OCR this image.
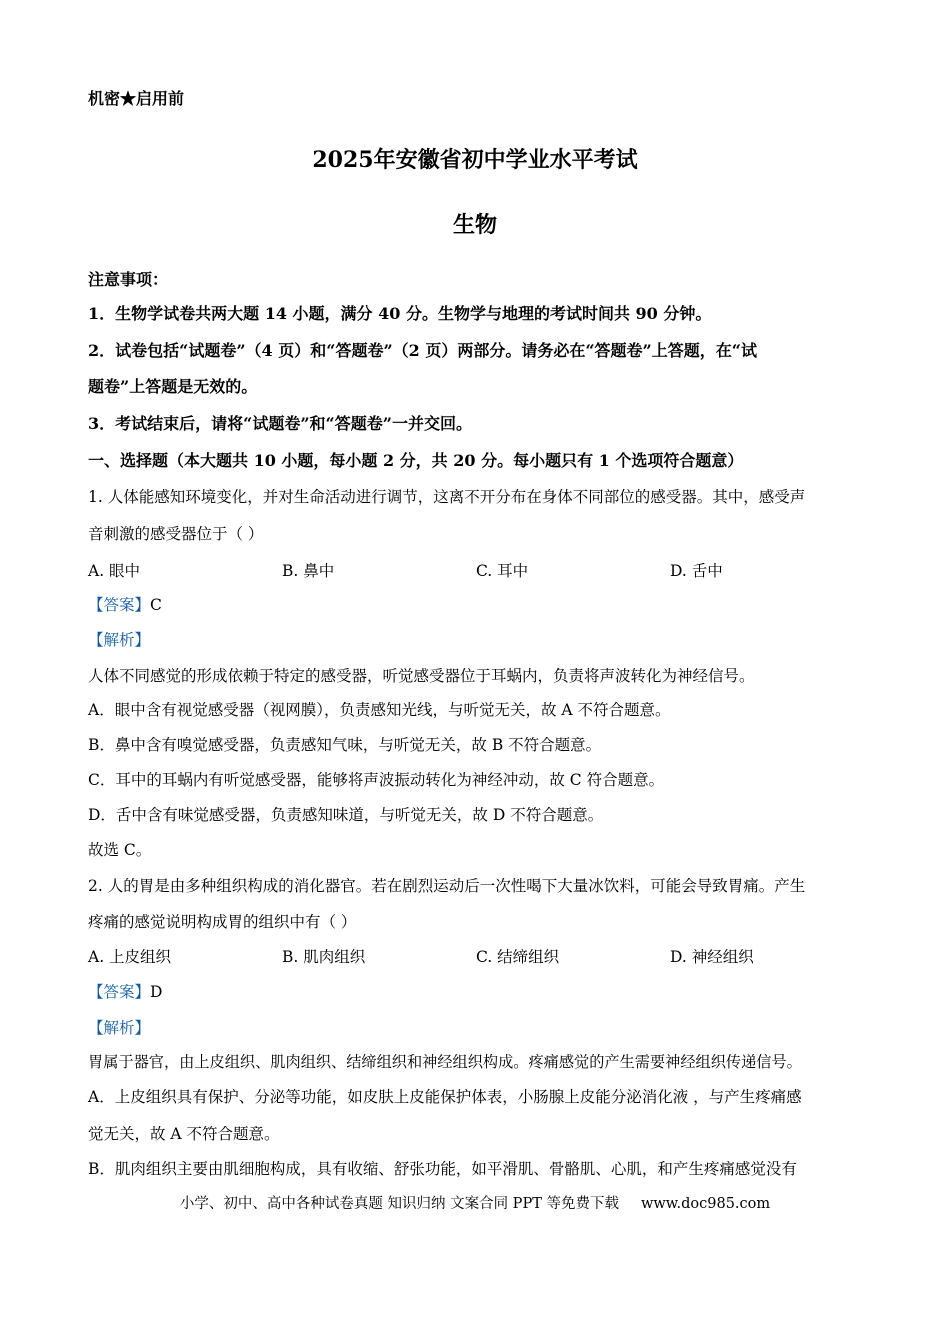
机密★启用前
2025年安徽省初中学业水平考试
生物
注意事项：
1．生物学试卷共两大题 14 小题，满分 40 分。生物学与地理的考试时间共 90 分钟。
2．试卷包括“试题卷”（4 页）和“答题卷”（2 页）两部分。请务必在“答题卷”上答题，在“试
题卷”上答题是无效的。
3．考试结束后，请将“试题卷”和“答题卷”一并交回。
一、选择题（本大题共 10 小题，每小题 2 分，共 20 分。每小题只有 1 个选项符合题意）
1. 人体能感知环境变化，并对生命活动进行调节，这离不开分布在身体不同部位的感受器。其中，感受声
音刺激的感受器位于（ ）
A. 眼中	B. 鼻中	C. 耳中	D. 舌中
【答案】C
【解析】
人体不同感觉的形成依赖于特定的感受器，听觉感受器位于耳蜗内，负责将声波转化为神经信号。
A．眼中含有视觉感受器（视网膜），负责感知光线，与听觉无关，故 A 不符合题意。
B．鼻中含有嗅觉感受器，负责感知气味，与听觉无关，故 B 不符合题意。
C．耳中的耳蜗内有听觉感受器，能够将声波振动转化为神经冲动，故 C 符合题意。
D．舌中含有味觉感受器，负责感知味道，与听觉无关，故 D 不符合题意。
故选 C。
2. 人的胃是由多种组织构成的消化器官。若在剧烈运动后一次性喝下大量冰饮料，可能会导致胃痛。产生
疼痛的感觉说明构成胃的组织中有（ ）
A. 上皮组织	B. 肌肉组织	C. 结缔组织	D. 神经组织
【答案】D
【解析】
胃属于器官，由上皮组织、肌肉组织、结缔组织和神经组织构成。疼痛感觉的产生需要神经组织传递信号。
A．上皮组织具有保护、分泌等功能，如皮肤上皮能保护体表，小肠腺上皮能分泌消化液 ，与产生疼痛感
觉无关，故 A 不符合题意。
B．肌肉组织主要由肌细胞构成，具有收缩、舒张功能，如平滑肌、骨骼肌、心肌，和产生疼痛感觉没有
小学、初中、高中各种试卷真题 知识归纳 文案合同 PPT 等免费下载 www.doc985.com
